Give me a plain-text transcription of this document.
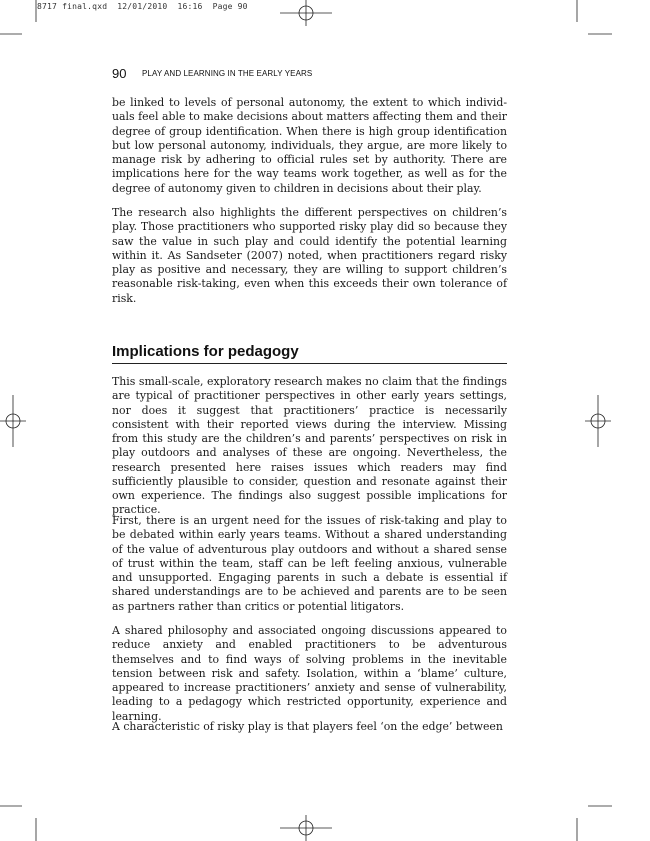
8717 final.qxd  12/01/2010  16:16  Page 90
90 PLAY AND LEARNING IN THE EARLY YEARS

be linked to levels of personal autonomy, the extent to which individuals feel able to make decisions about matters affecting them and their degree of group identification. When there is high group identification but low personal autonomy, individuals, they argue, are more likely to manage risk by adhering to official rules set by authority. There are implications here for the way teams work together, as well as for the degree of autonomy given to children in decisions about their play.

The research also highlights the different perspectives on children’s play. Those practitioners who supported risky play did so because they saw the value in such play and could identify the potential learning within it. As Sandseter (2007) noted, when practitioners regard risky play as positive and necessary, they are willing to support children’s reasonable risk-taking, even when this exceeds their own tolerance of risk.

Implications for pedagogy

This small-scale, exploratory research makes no claim that the findings are typical of practitioner perspectives in other early years settings, nor does it suggest that practitioners’ practice is necessarily consistent with their reported views during the interview. Missing from this study are the children’s and parents’ perspectives on risk in play outdoors and analyses of these are ongoing. Nevertheless, the research presented here raises issues which readers may find sufficiently plausible to consider, question and resonate against their own experience. The findings also suggest possible implications for practice.

First, there is an urgent need for the issues of risk-taking and play to be debated within early years teams. Without a shared understanding of the value of adventurous play outdoors and without a shared sense of trust within the team, staff can be left feeling anxious, vulnerable and unsupported. Engaging parents in such a debate is essential if shared understandings are to be achieved and parents are to be seen as partners rather than critics or potential litigators.

A shared philosophy and associated ongoing discussions appeared to reduce anxiety and enabled practitioners to be adventurous themselves and to find ways of solving problems in the inevitable tension between risk and safety. Isolation, within a ‘blame’ culture, appeared to increase practitioners’ anxiety and sense of vulnerability, leading to a pedagogy which restricted opportunity, experience and learning.

A characteristic of risky play is that players feel ‘on the edge’ between
